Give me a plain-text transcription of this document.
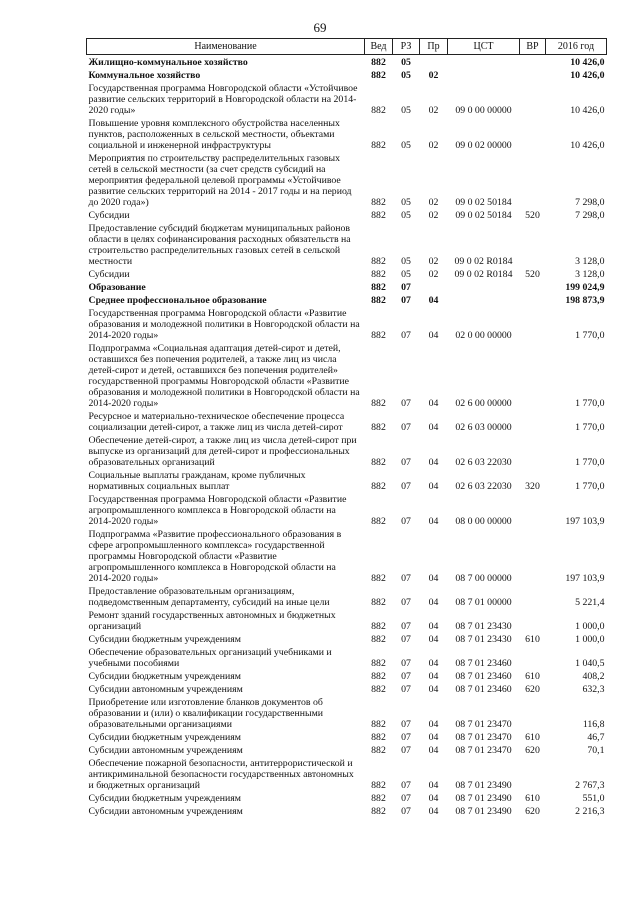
69
Наименование	Вед	РЗ	Пр	ЦСТ	ВР	2016 год
Жилищно-коммунальное хозяйство	882	05				10 426,0
Коммунальное хозяйство	882	05	02			10 426,0
Государственная программа Новгородской области «Устойчивое развитие сельских территорий в Новгородской области на 2014-2020 годы»	882	05	02	09 0 00 00000		10 426,0
Повышение уровня комплексного обустройства населенных пунктов, расположенных в сельской местности, объектами социальной и инженерной инфраструктуры	882	05	02	09 0 02 00000		10 426,0
Мероприятия по строительству распределительных газовых сетей в сельской местности (за счет средств субсидий на мероприятия федеральной целевой программы «Устойчивое развитие сельских территорий на 2014 - 2017 годы и на период до 2020 года»)	882	05	02	09 0 02 50184		7 298,0
Субсидии	882	05	02	09 0 02 50184	520	7 298,0
Предоставление субсидий бюджетам муниципальных районов области в целях софинансирования расходных обязательств на строительство распределительных газовых сетей в сельской местности	882	05	02	09 0 02 R0184		3 128,0
Субсидии	882	05	02	09 0 02 R0184	520	3 128,0
Образование	882	07				199 024,9
Среднее профессиональное образование	882	07	04			198 873,9
Государственная программа Новгородской области «Развитие образования и молодежной политики в Новгородской области на 2014-2020 годы»	882	07	04	02 0 00 00000		1 770,0
Подпрограмма «Социальная адаптация детей-сирот и детей, оставшихся без попечения родителей, а также лиц из числа детей-сирот и детей, оставшихся без попечения родителей» государственной программы Новгородской области «Развитие образования и молодежной политики в Новгородской области на 2014-2020 годы»	882	07	04	02 6 00 00000		1 770,0
Ресурсное и материально-техническое обеспечение процесса социализации детей-сирот, а также лиц из числа детей-сирот	882	07	04	02 6 03 00000		1 770,0
Обеспечение детей-сирот, а также лиц из числа детей-сирот при выпуске из организаций для детей-сирот и профессиональных образовательных организаций	882	07	04	02 6 03 22030		1 770,0
Социальные выплаты гражданам, кроме публичных нормативных социальных выплат	882	07	04	02 6 03 22030	320	1 770,0
Государственная программа Новгородской области «Развитие агропромышленного комплекса в Новгородской области на 2014-2020 годы»	882	07	04	08 0 00 00000		197 103,9
Подпрограмма «Развитие профессионального образования в сфере агропромышленного комплекса» государственной программы Новгородской области «Развитие агропромышленного комплекса в Новгородской области на 2014-2020 годы»	882	07	04	08 7 00 00000		197 103,9
Предоставление образовательным организациям, подведомственным департаменту, субсидий на иные цели	882	07	04	08 7 01 00000		5 221,4
Ремонт зданий государственных автономных и бюджетных организаций	882	07	04	08 7 01 23430		1 000,0
Субсидии бюджетным учреждениям	882	07	04	08 7 01 23430	610	1 000,0
Обеспечение образовательных организаций учебниками и учебными пособиями	882	07	04	08 7 01 23460		1 040,5
Субсидии бюджетным учреждениям	882	07	04	08 7 01 23460	610	408,2
Субсидии автономным учреждениям	882	07	04	08 7 01 23460	620	632,3
Приобретение или изготовление бланков документов об образовании и (или) о квалификации государственными образовательными организациями	882	07	04	08 7 01 23470		116,8
Субсидии бюджетным учреждениям	882	07	04	08 7 01 23470	610	46,7
Субсидии автономным учреждениям	882	07	04	08 7 01 23470	620	70,1
Обеспечение пожарной безопасности, антитеррористической и антикриминальной безопасности государственных автономных и бюджетных организаций	882	07	04	08 7 01 23490		2 767,3
Субсидии бюджетным учреждениям	882	07	04	08 7 01 23490	610	551,0
Субсидии автономным учреждениям	882	07	04	08 7 01 23490	620	2 216,3
